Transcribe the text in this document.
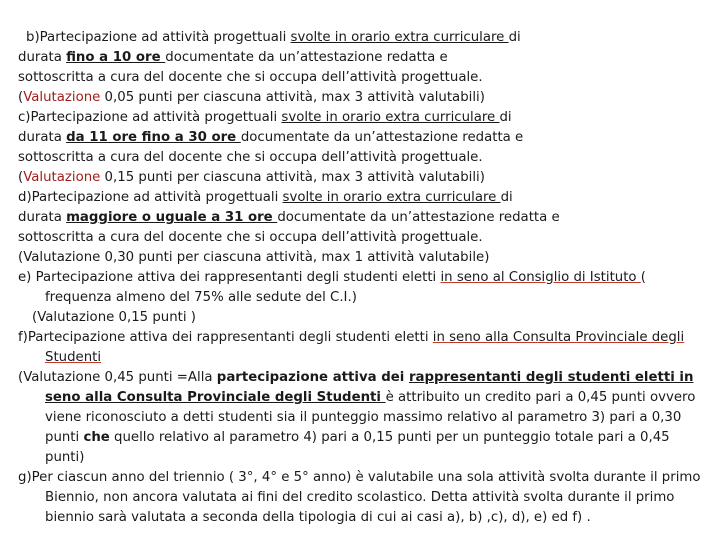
b)Partecipazione ad attività progettuali svolte in orario extra curriculare di
durata fino a 10 ore documentate da un’attestazione redatta e
sottoscritta a cura del docente che si occupa dell’attività progettuale.
(Valutazione 0,05 punti per ciascuna attività, max 3 attività valutabili)
c)Partecipazione ad attività progettuali svolte in orario extra curriculare di
durata da 11 ore fino a 30 ore documentate da un’attestazione redatta e
sottoscritta a cura del docente che si occupa dell’attività progettuale.
(Valutazione 0,15 punti per ciascuna attività, max 3 attività valutabili)
d)Partecipazione ad attività progettuali svolte in orario extra curriculare di
durata maggiore o uguale a 31 ore documentate da un’attestazione redatta e
sottoscritta a cura del docente che si occupa dell’attività progettuale.
(Valutazione 0,30 punti per ciascuna attività, max 1 attività valutabile)
e) Partecipazione attiva dei rappresentanti degli studenti eletti in seno al Consiglio di Istituto (
frequenza almeno del 75% alle sedute del C.I.)
(Valutazione 0,15 punti )
f)Partecipazione attiva dei rappresentanti degli studenti eletti in seno alla Consulta Provinciale degli Studenti
(Valutazione 0,45 punti =Alla partecipazione attiva dei rappresentanti degli studenti eletti in seno alla Consulta Provinciale degli Studenti è attribuito un credito pari a 0,45 punti ovvero viene riconosciuto a detti studenti sia il punteggio massimo relativo al parametro 3) pari a 0,30 punti che quello relativo al parametro 4) pari a 0,15 punti per un punteggio totale pari a 0,45 punti)
g)Per ciascun anno del triennio ( 3°, 4° e 5° anno) è valutabile una sola attività svolta durante il primo Biennio, non ancora valutata ai fini del credito scolastico. Detta attività svolta durante il primo biennio sarà valutata a seconda della tipologia di cui ai casi a), b) ,c), d), e) ed f) .
